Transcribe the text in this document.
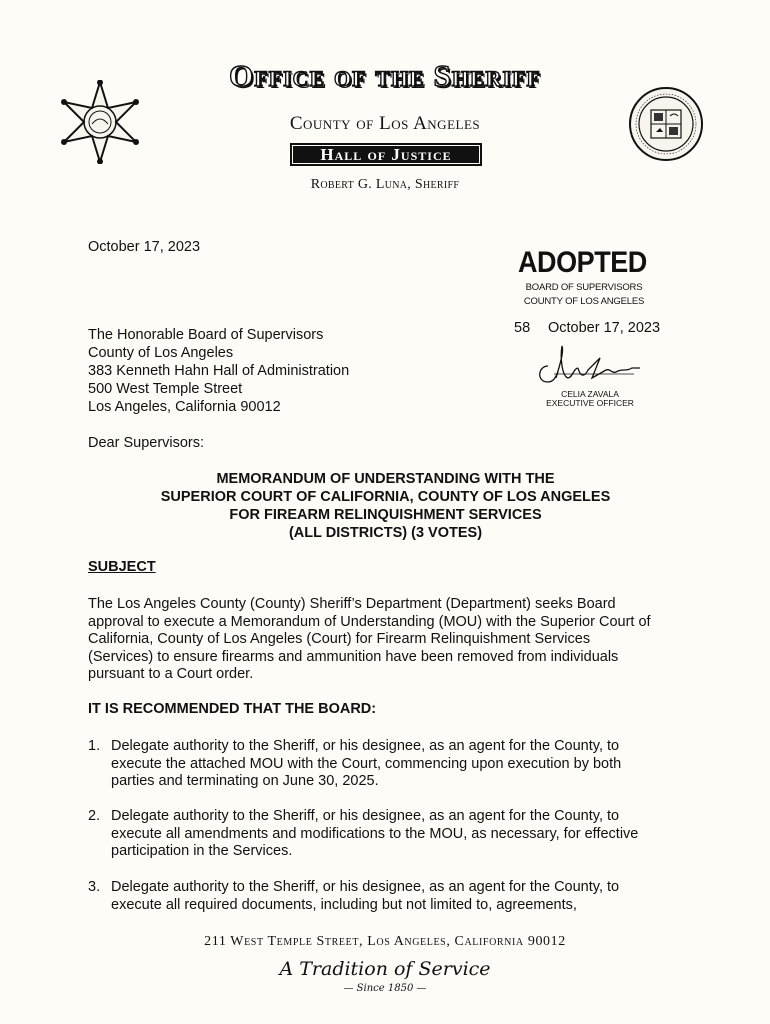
Office of the Sheriff
County of Los Angeles
Hall of Justice
Robert G. Luna, Sheriff
October 17, 2023	ADOPTED
BOARD OF SUPERVISORS
COUNTY OF LOS ANGELES
58 October 17, 2023
CELIA ZAVALA
EXECUTIVE OFFICER
The Honorable Board of Supervisors
County of Los Angeles
383 Kenneth Hahn Hall of Administration
500 West Temple Street
Los Angeles, California 90012
Dear Supervisors:
MEMORANDUM OF UNDERSTANDING WITH THE
SUPERIOR COURT OF CALIFORNIA, COUNTY OF LOS ANGELES
FOR FIREARM RELINQUISHMENT SERVICES
(ALL DISTRICTS) (3 VOTES)
SUBJECT
The Los Angeles County (County) Sheriff’s Department (Department) seeks Board
approval to execute a Memorandum of Understanding (MOU) with the Superior Court of
California, County of Los Angeles (Court) for Firearm Relinquishment Services
(Services) to ensure firearms and ammunition have been removed from individuals
pursuant to a Court order.
IT IS RECOMMENDED THAT THE BOARD:
1. Delegate authority to the Sheriff, or his designee, as an agent for the County, to
execute the attached MOU with the Court, commencing upon execution by both
parties and terminating on June 30, 2025.
2. Delegate authority to the Sheriff, or his designee, as an agent for the County, to
execute all amendments and modifications to the MOU, as necessary, for effective
participation in the Services.
3. Delegate authority to the Sheriff, or his designee, as an agent for the County, to
execute all required documents, including but not limited to, agreements,
211 West Temple Street, Los Angeles, California 90012
A Tradition of Service
— Since 1850 —
